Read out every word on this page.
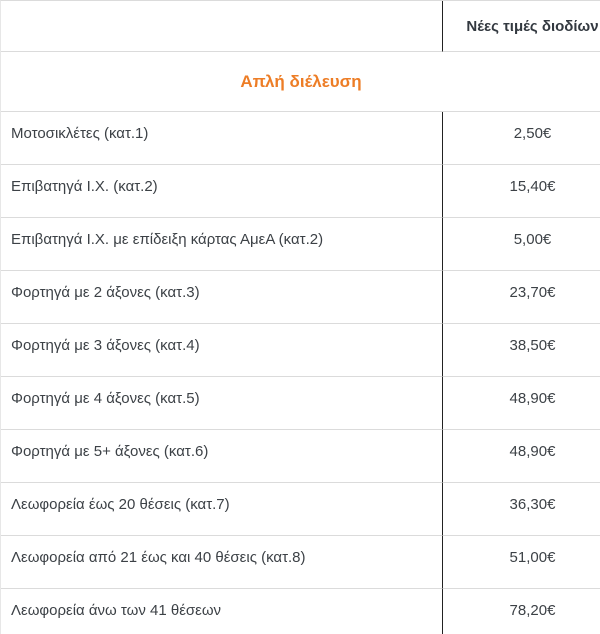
	Νέες τιμές διοδίων
Απλή διέλευση	
Μοτοσικλέτες (κατ.1)	2,50€
Επιβατηγά Ι.Χ. (κατ.2)	15,40€
Επιβατηγά Ι.Χ. με επίδειξη κάρτας ΑμεΑ (κατ.2)	5,00€
Φορτηγά με 2 άξονες (κατ.3)	23,70€
Φορτηγά με 3 άξονες (κατ.4)	38,50€
Φορτηγά με 4 άξονες (κατ.5)	48,90€
Φορτηγά με 5+ άξονες (κατ.6)	48,90€
Λεωφορεία έως 20 θέσεις (κατ.7)	36,30€
Λεωφορεία από 21 έως και 40 θέσεις (κατ.8)	51,00€
Λεωφορεία άνω των 41 θέσεων	78,20€
